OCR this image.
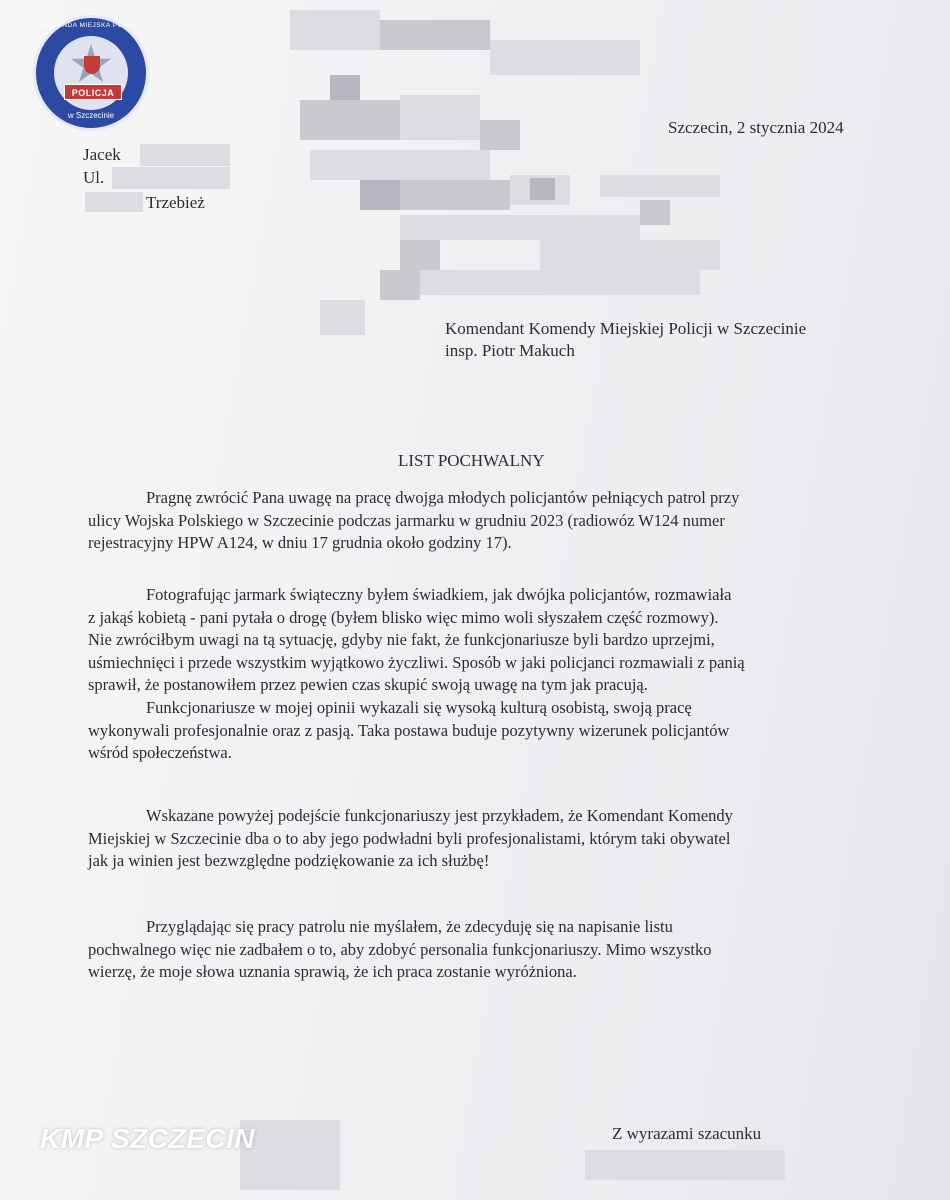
KOMENDA MIEJSKA POLICJI
POLICJA
w Szczecinie
Jacek
Ul.
Trzebież
Szczecin, 2 stycznia 2024
Komendant Komendy Miejskiej Policji w Szczecinie
insp. Piotr Makuch
LIST POCHWALNY
Pragnę zwrócić Pana uwagę na pracę dwojga młodych policjantów pełniących patrol przy
ulicy Wojska Polskiego w Szczecinie podczas jarmarku w grudniu 2023 (radiowóz W124 numer
rejestracyjny HPW A124, w dniu 17 grudnia około godziny 17).
Fotografując jarmark świąteczny byłem świadkiem, jak dwójka policjantów, rozmawiała
z jakąś kobietą - pani pytała o drogę (byłem blisko więc mimo woli słyszałem część rozmowy).
Nie zwróciłbym uwagi na tą sytuację, gdyby nie fakt, że funkcjonariusze byli bardzo uprzejmi,
uśmiechnięci i przede wszystkim wyjątkowo życzliwi. Sposób w jaki policjanci rozmawiali z panią
sprawił, że postanowiłem przez pewien czas skupić swoją uwagę na tym jak pracują.
Funkcjonariusze w mojej opinii wykazali się wysoką kulturą osobistą, swoją pracę
wykonywali profesjonalnie oraz z pasją. Taka postawa buduje pozytywny wizerunek policjantów
wśród społeczeństwa.
Wskazane powyżej podejście funkcjonariuszy jest przykładem, że Komendant Komendy
Miejskiej w Szczecinie dba o to aby jego podwładni byli profesjonalistami, którym taki obywatel
jak ja winien jest bezwzględne podziękowanie za ich służbę!
Przyglądając się pracy patrolu nie myślałem, że zdecyduję się na napisanie listu
pochwalnego więc nie zadbałem o to, aby zdobyć personalia funkcjonariuszy. Mimo wszystko
wierzę, że moje słowa uznania sprawią, że ich praca zostanie wyróżniona.
Z wyrazami szacunku
KMP SZCZECIN
